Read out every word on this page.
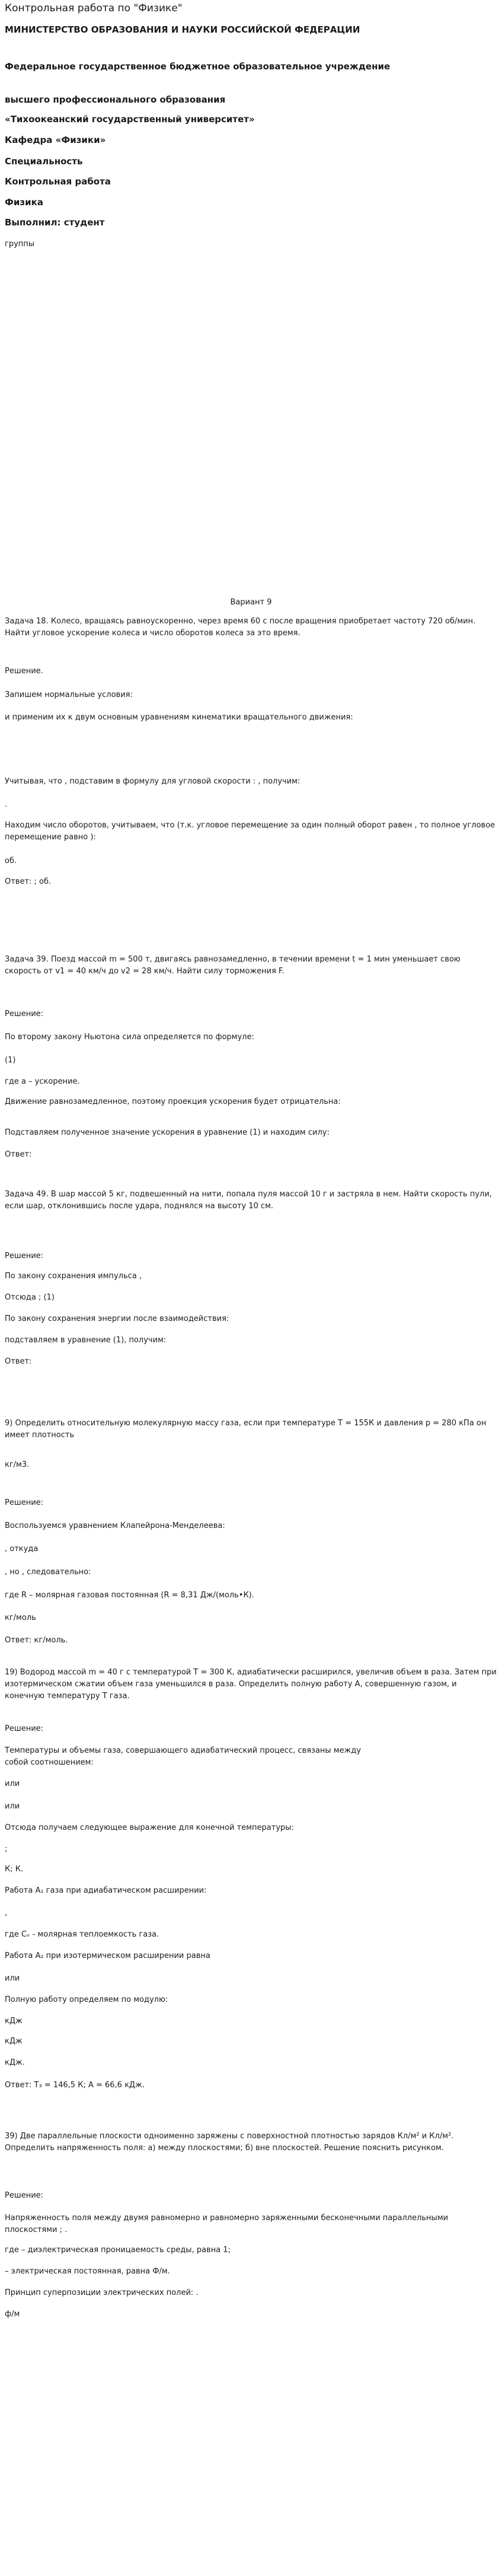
Контрольная работа по "Физике"
МИНИСТЕРСТВО ОБРАЗОВАНИЯ И НАУКИ РОССИЙСКОЙ ФЕДЕРАЦИИ
Федеральное государственное бюджетное образовательное учреждение
высшего профессионального образования
«Тихоокеанский государственный университет»
Кафедра «Физики»
Специальность
Контрольная работа
Физика
Выполнил: студент
группы
Вариант 9
Задача 18. Колесо, вращаясь равноускоренно, через время 60 с после вращения приобретает частоту 720 об/мин. Найти угловое ускорение колеса и число оборотов колеса за это время.
Решение.
Запишем нормальные условия:
и применим их к двум основным уравнениям кинематики вращательного движения:
Учитывая, что , подставим в формулу для угловой скорости : , получим:
.
Находим число оборотов, учитываем, что (т.к. угловое перемещение за один полный оборот равен , то полное угловое перемещение равно ):
об.
Ответ: ; об.
Задача 39. Поезд массой m = 500 т, двигаясь равнозамедленно, в течении времени t = 1 мин уменьшает свою скорость от v1 = 40 км/ч до v2 = 28 км/ч. Найти силу торможения F.
Решение:
По второму закону Ньютона сила определяется по формуле:
(1)
где a – ускорение.
Движение равнозамедленное, поэтому проекция ускорения будет отрицательна:
Подставляем полученное значение ускорения в уравнение (1) и находим силу:
Ответ:
Задача 49. В шар массой 5 кг, подвешенный на нити, попала пуля массой 10 г и застряла в нем. Найти скорость пули, если шар, отклонившись после удара, поднялся на высоту 10 см.
Решение:
По закону сохранения импульса ,
Отсюда ; (1)
По закону сохранения энергии после взаимодействия:
подставляем в уравнение (1), получим:
Ответ:
9) Определить относительную молекулярную массу газа, если при температуре Т = 155К и давления р = 280 кПа он имеет плотность
кг/м3.
Решение:
Воспользуемся уравнением Клапейрона-Менделеева:
, откуда
, но , следовательно:
где R – молярная газовая постоянная (R = 8,31 Дж/(моль•К).
кг/моль
Ответ: кг/моль.
19) Водород массой m = 40 г с температурой Т = 300 К, адиабатически расширился, увеличив объем в раза. Затем при изотермическом сжатии объем газа уменьшился в раза. Определить полную работу А, совершенную газом, и конечную температуру Т газа.
Решение:
Температуры и объемы газа, совершающего адиабатический процесс, связаны между собой соотношением:
или
или
Отсюда получаем следующее выражение для конечной температуры:
;
К; К.
Работа A₁ газа при адиабатическом расширении:
,
где Cᵥ - молярная теплоемкость газа.
Работа A₂ при изотермическом расширении равна
или
Полную работу определяем по модулю:
кДж
кДж
кДж.
Ответ: T₃ = 146,5 К; А = 66,6 кДж.
39) Две параллельные плоскости одноименно заряжены с поверхностной плотностью зарядов Кл/м² и Кл/м². Определить напряженность поля: а) между плоскостями; б) вне плоскостей. Решение пояснить рисунком.
Решение:
Напряженность поля между двумя равномерно и равномерно заряженными бесконечными параллельными плоскостями ; .
где – диэлектрическая проницаемость среды, равна 1;
– электрическая постоянная, равна Ф/м.
Принцип суперпозиции электрических полей: .
ф/м
